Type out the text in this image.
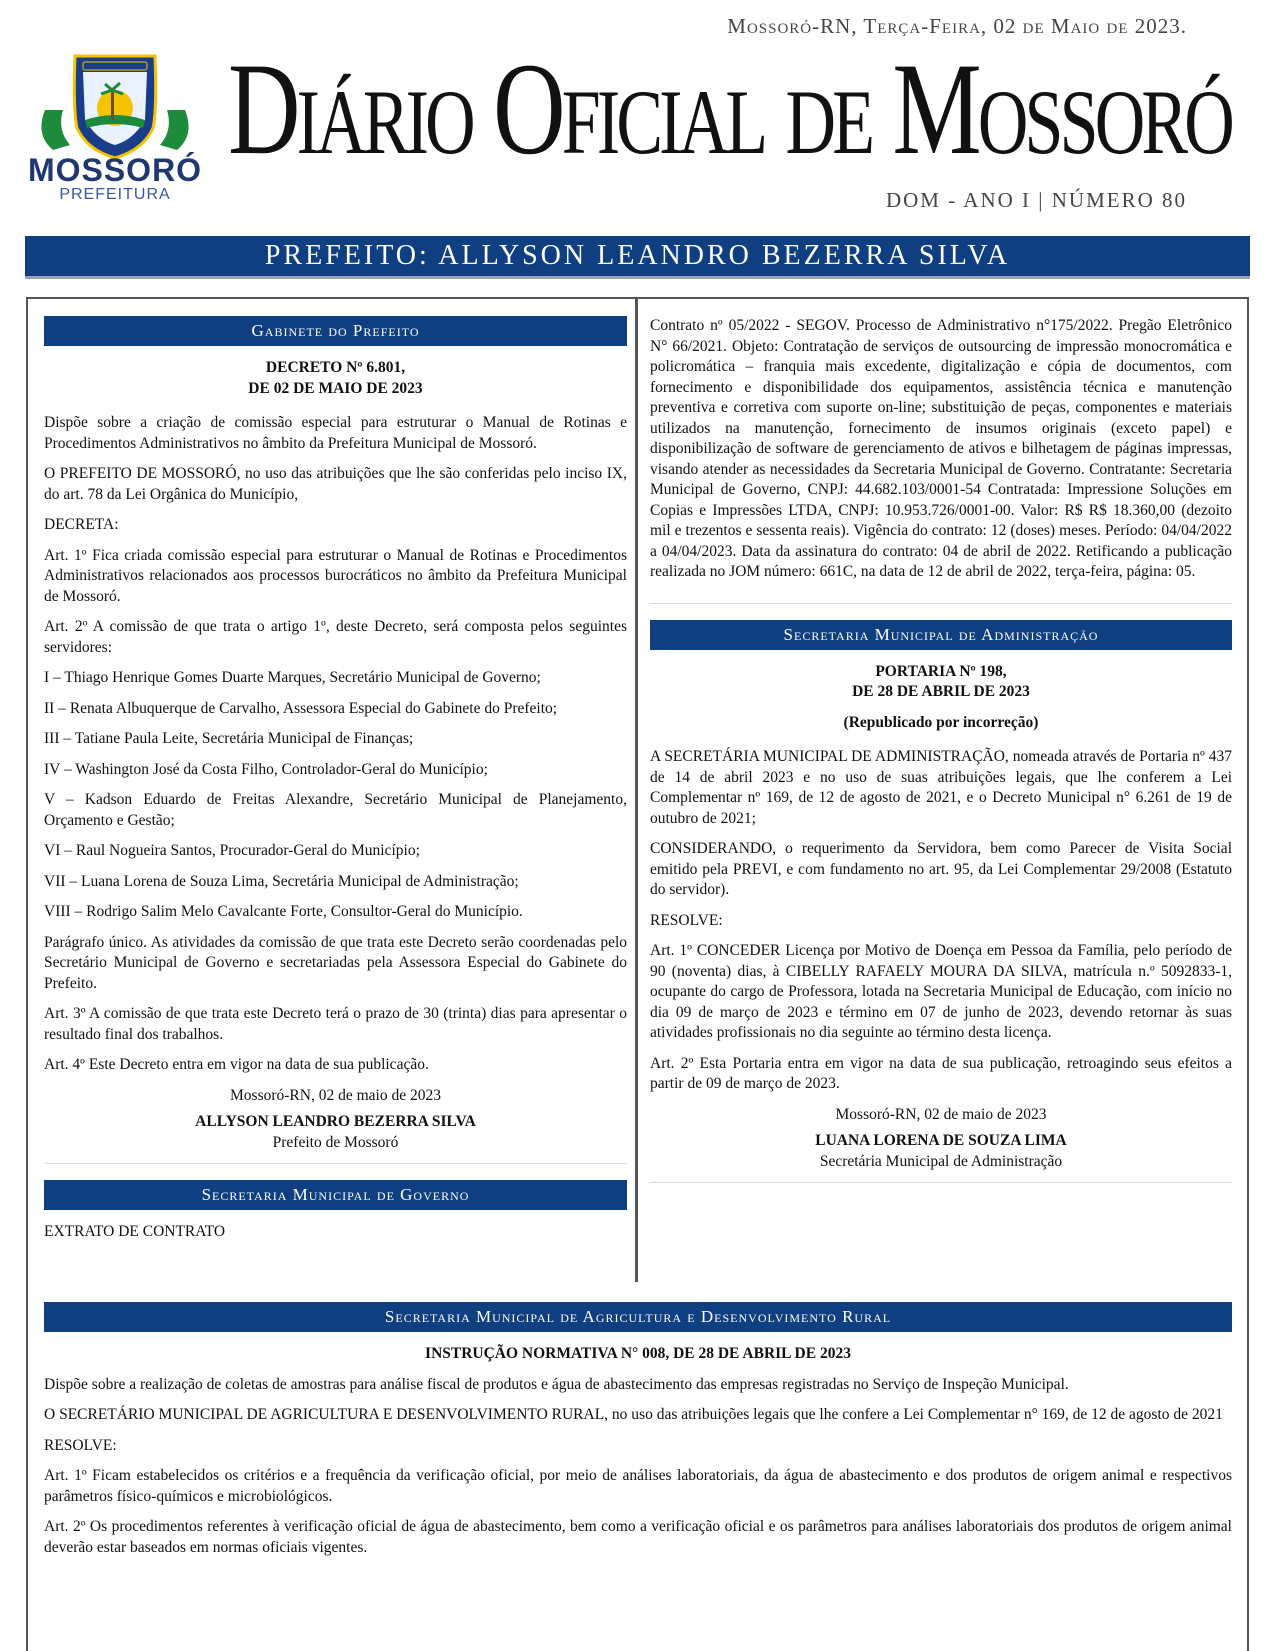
Mossoró-RN, Terça-Feira, 02 de Maio de 2023.
MOSSORÓ
PREFEITURA
Diário Oficial de Mossoró
DOM - ANO I | NÚMERO 80
PREFEITO: ALLYSON LEANDRO BEZERRA SILVA
Gabinete do Prefeito
DECRETO Nº 6.801,
DE 02 DE MAIO DE 2023

Dispõe sobre a criação de comissão especial para estruturar o Manual de Rotinas e Procedimentos Administrativos no âmbito da Prefeitura Municipal de Mossoró.

O PREFEITO DE MOSSORÓ, no uso das atribuições que lhe são conferidas pelo inciso IX, do art. 78 da Lei Orgânica do Município,

DECRETA:

Art. 1º Fica criada comissão especial para estruturar o Manual de Rotinas e Procedimentos Administrativos relacionados aos processos burocráticos no âmbito da Prefeitura Municipal de Mossoró.

Art. 2º A comissão de que trata o artigo 1º, deste Decreto, será composta pelos seguintes servidores:

I – Thiago Henrique Gomes Duarte Marques, Secretário Municipal de Governo;

II – Renata Albuquerque de Carvalho, Assessora Especial do Gabinete do Prefeito;

III – Tatiane Paula Leite, Secretária Municipal de Finanças;

IV – Washington José da Costa Filho, Controlador-Geral do Município;

V – Kadson Eduardo de Freitas Alexandre, Secretário Municipal de Planejamento, Orçamento e Gestão;

VI – Raul Nogueira Santos, Procurador-Geral do Município;

VII – Luana Lorena de Souza Lima, Secretária Municipal de Administração;

VIII – Rodrigo Salim Melo Cavalcante Forte, Consultor-Geral do Município.

Parágrafo único. As atividades da comissão de que trata este Decreto serão coordenadas pelo Secretário Municipal de Governo e secretariadas pela Assessora Especial do Gabinete do Prefeito.

Art. 3º A comissão de que trata este Decreto terá o prazo de 30 (trinta) dias para apresentar o resultado final dos trabalhos.

Art. 4º Este Decreto entra em vigor na data de sua publicação.

Mossoró-RN, 02 de maio de 2023
ALLYSON LEANDRO BEZERRA SILVA
Prefeito de Mossoró
Secretaria Municipal de Governo
EXTRATO DE CONTRATO

Contrato nº 05/2022 - SEGOV. Processo de Administrativo n°175/2022. Pregão Eletrônico N° 66/2021. Objeto: Contratação de serviços de outsourcing de impressão monocromática e policromática – franquia mais excedente, digitalização e cópia de documentos, com fornecimento e disponibilidade dos equipamentos, assistência técnica e manutenção preventiva e corretiva com suporte on-line; substituição de peças, componentes e materiais utilizados na manutenção, fornecimento de insumos originais (exceto papel) e disponibilização de software de gerenciamento de ativos e bilhetagem de páginas impressas, visando atender as necessidades da Secretaria Municipal de Governo. Contratante: Secretaria Municipal de Governo, CNPJ: 44.682.103/0001-54 Contratada: Impressione Soluções em Copias e Impressões LTDA, CNPJ: 10.953.726/0001-00. Valor: R$ R$ 18.360,00 (dezoito mil e trezentos e sessenta reais). Vigência do contrato: 12 (doses) meses. Período: 04/04/2022 a 04/04/2023. Data da assinatura do contrato: 04 de abril de 2022. Retificando a publicação realizada no JOM número: 661C, na data de 12 de abril de 2022, terça-feira, página: 05.

Secretaria Municipal de Administração
PORTARIA Nº 198,
DE 28 DE ABRIL DE 2023
(Republicado por incorreção)

A SECRETÁRIA MUNICIPAL DE ADMINISTRAÇÃO, nomeada através de Portaria nº 437 de 14 de abril 2023 e no uso de suas atribuições legais, que lhe conferem a Lei Complementar nº 169, de 12 de agosto de 2021, e o Decreto Municipal n° 6.261 de 19 de outubro de 2021;

CONSIDERANDO, o requerimento da Servidora, bem como Parecer de Visita Social emitido pela PREVI, e com fundamento no art. 95, da Lei Complementar 29/2008 (Estatuto do servidor).

RESOLVE:

Art. 1º CONCEDER Licença por Motivo de Doença em Pessoa da Família, pelo período de 90 (noventa) dias, à CIBELLY RAFAELY MOURA DA SILVA, matrícula n.º 5092833-1, ocupante do cargo de Professora, lotada na Secretaria Municipal de Educação, com início no dia 09 de março de 2023 e término em 07 de junho de 2023, devendo retornar às suas atividades profissionais no dia seguinte ao término desta licença.

Art. 2º Esta Portaria entra em vigor na data de sua publicação, retroagindo seus efeitos a partir de 09 de março de 2023.

Mossoró-RN, 02 de maio de 2023
LUANA LORENA DE SOUZA LIMA
Secretária Municipal de Administração
Secretaria Municipal de Agricultura e Desenvolvimento Rural
INSTRUÇÃO NORMATIVA N° 008, DE 28 DE ABRIL DE 2023

Dispõe sobre a realização de coletas de amostras para análise fiscal de produtos e água de abastecimento das empresas registradas no Serviço de Inspeção Municipal.

O SECRETÁRIO MUNICIPAL DE AGRICULTURA E DESENVOLVIMENTO RURAL, no uso das atribuições legais que lhe confere a Lei Complementar n° 169, de 12 de agosto de 2021

RESOLVE:

Art. 1º Ficam estabelecidos os critérios e a frequência da verificação oficial, por meio de análises laboratoriais, da água de abastecimento e dos produtos de origem animal e respectivos parâmetros físico-químicos e microbiológicos.

Art. 2º Os procedimentos referentes à verificação oficial de água de abastecimento, bem como a verificação oficial e os parâmetros para análises laboratoriais dos produtos de origem animal deverão estar baseados em normas oficiais vigentes.
